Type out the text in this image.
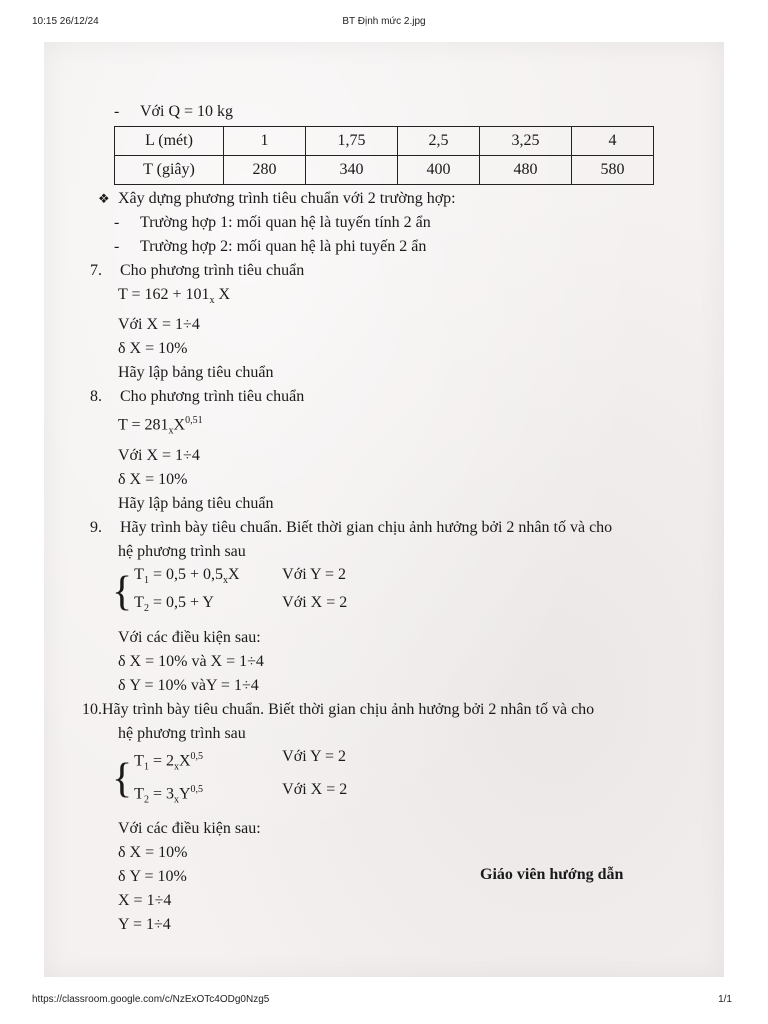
10:15 26/12/24	BT Định mức 2.jpg
- Với Q = 10 kg
L (mét)	1	1,75	2,5	3,25	4
T (giây)	280	340	400	480	580
❖ Xây dựng phương trình tiêu chuẩn với 2 trường hợp:
- Trường hợp 1: mối quan hệ là tuyến tính 2 ẩn
- Trường hợp 2: mối quan hệ là phi tuyến 2 ẩn
7. Cho phương trình tiêu chuẩn
$T = 162 + 101_x$ X
Với X = 1÷4
δ X = 10%
Hãy lập bảng tiêu chuẩn
8. Cho phương trình tiêu chuẩn
$T = 281_xX^{0,51}$
Với X = 1÷4
δ X = 10%
Hãy lập bảng tiêu chuẩn
9. Hãy trình bày tiêu chuẩn. Biết thời gian chịu ảnh hưởng bởi 2 nhân tố và cho
hệ phương trình sau
{ $T_1 = 0,5 + 0,5_xX$	Với Y = 2
$T_2 = 0,5 + Y$	Với X = 2
Với các điều kiện sau:
δ X = 10% và X = 1÷4
δ Y = 10% vàY = 1÷4
10.Hãy trình bày tiêu chuẩn. Biết thời gian chịu ảnh hưởng bởi 2 nhân tố và cho
hệ phương trình sau
{ $T_1 = 2_xX^{0,5}$	Với Y = 2
$T_2 = 3_xY^{0,5}$	Với X = 2
Với các điều kiện sau:
δ X = 10%
δ Y = 10%
X = 1÷4
Y = 1÷4
Giáo viên hướng dẫn
https://classroom.google.com/c/NzExOTc4ODg0Nzg5	1/1
